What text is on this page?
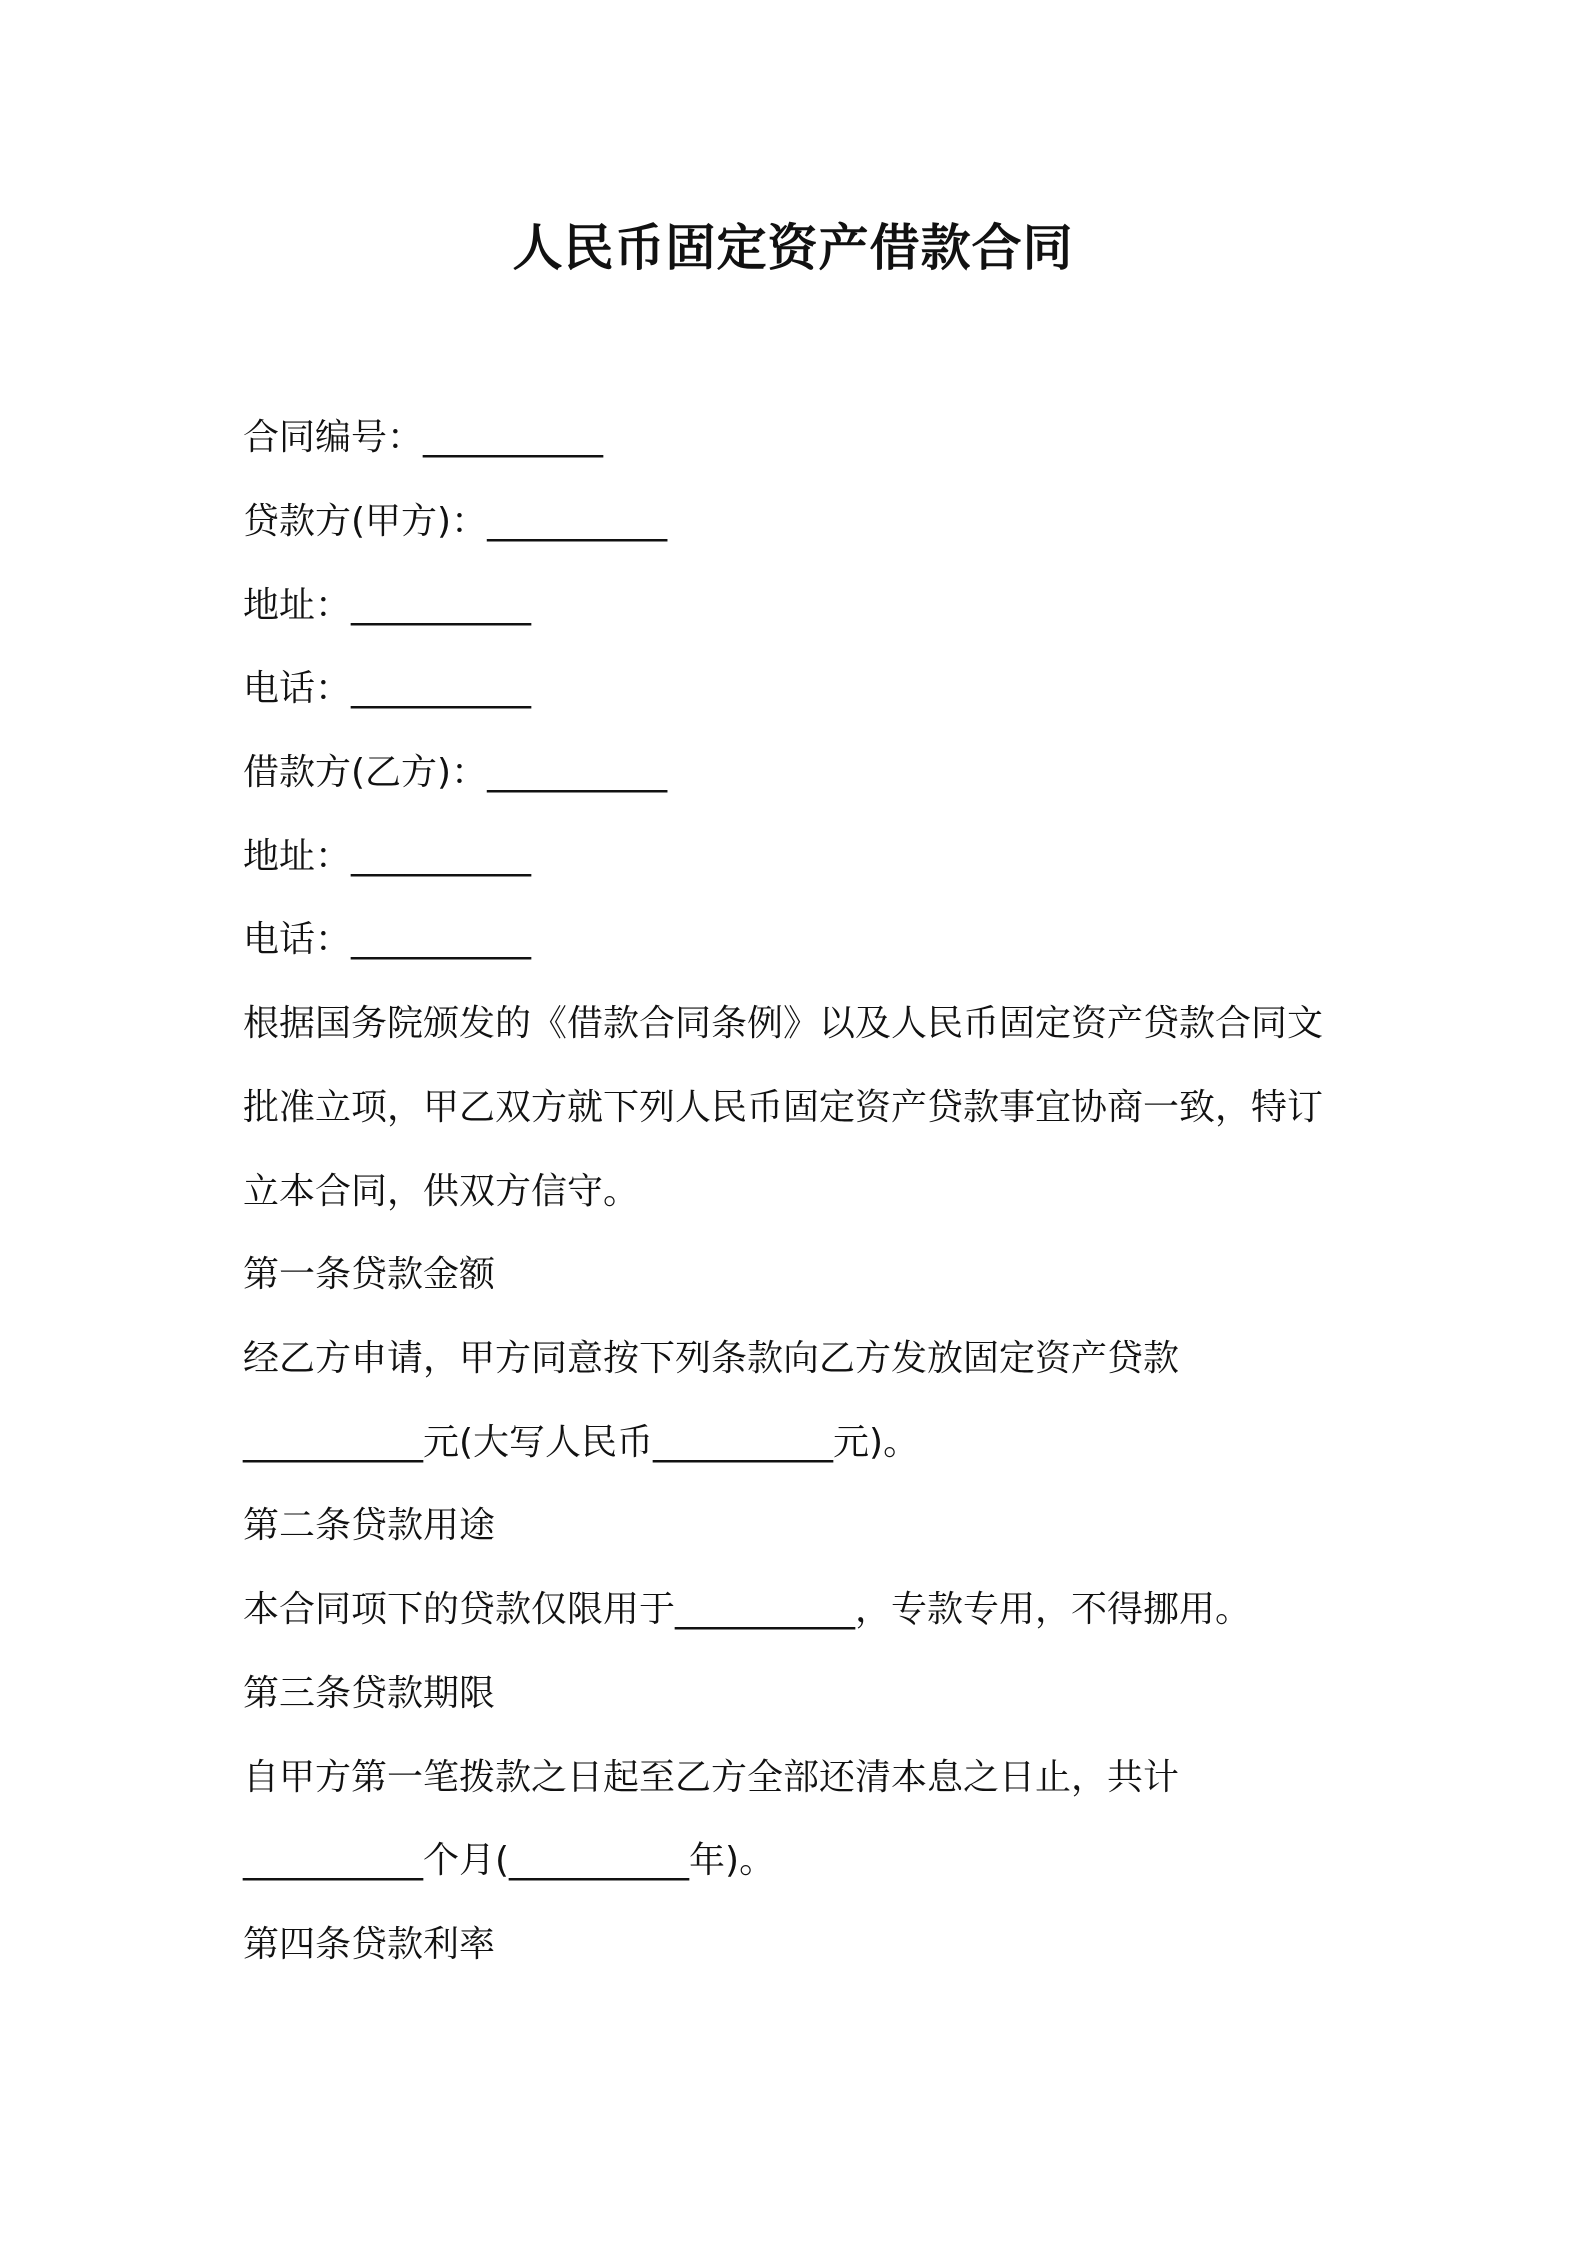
人民币固定资产借款合同
合同编号：__________
贷款方(甲方)：__________
地址：__________
电话：__________
借款方(乙方)：__________
地址：__________
电话：__________
根据国务院颁发的《借款合同条例》以及人民币固定资产贷款合同文
批准立项，甲乙双方就下列人民币固定资产贷款事宜协商一致，特订
立本合同，供双方信守。
第一条贷款金额
经乙方申请，甲方同意按下列条款向乙方发放固定资产贷款
__________元(大写人民币__________元)。
第二条贷款用途
本合同项下的贷款仅限用于__________，专款专用，不得挪用。
第三条贷款期限
自甲方第一笔拨款之日起至乙方全部还清本息之日止，共计
__________个月(__________年)。
第四条贷款利率
